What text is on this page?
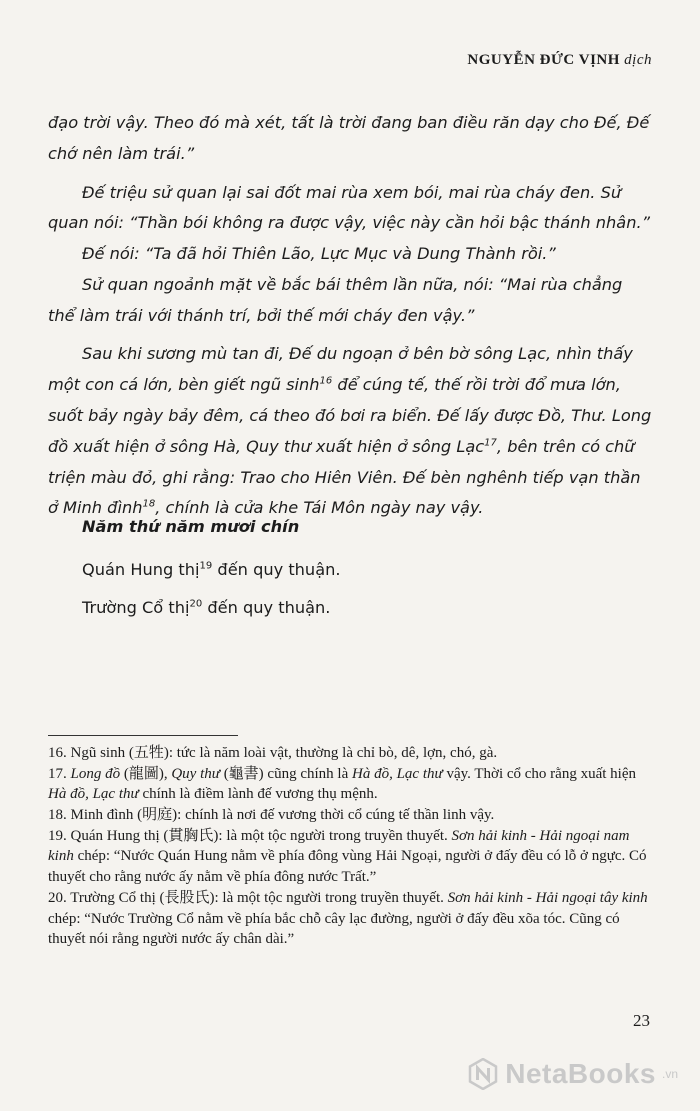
NGUYỄN ĐỨC VỊNH dịch

đạo trời vậy. Theo đó mà xét, tất là trời đang ban điều răn dạy cho Đế, Đế chớ nên làm trái.”

Đế triệu sử quan lại sai đốt mai rùa xem bói, mai rùa cháy đen. Sử quan nói: “Thần bói không ra được vậy, việc này cần hỏi bậc thánh nhân.”

Đế nói: “Ta đã hỏi Thiên Lão, Lực Mục và Dung Thành rồi.”

Sử quan ngoảnh mặt về bắc bái thêm lần nữa, nói: “Mai rùa chẳng thể làm trái với thánh trí, bởi thế mới cháy đen vậy.”

Sau khi sương mù tan đi, Đế du ngoạn ở bên bờ sông Lạc, nhìn thấy một con cá lớn, bèn giết ngũ $\sinh^{16}$ để cúng tế, thế rồi trời đổ mưa lớn, suốt bảy ngày bảy đêm, cá theo đó bơi ra biển. Đế lấy được Đồ, Thư. Long đồ xuất hiện ở sông Hà, Quy thư xuất hiện ở sông Lạc$^{17}$, bên trên có chữ triện màu đỏ, ghi rằng: Trao cho Hiên Viên. Đế bèn nghênh tiếp vạn thần ở Minh đình$^{18}$, chính là cửa khe Tái Môn ngày nay vậy.

Năm thứ năm mươi chín

Quán Hung thị$^{19}$ đến quy thuận.

Trường Cổ thị$^{20}$ đến quy thuận.

16. Ngũ sinh (五牲): tức là năm loài vật, thường là chỉ bò, dê, lợn, chó, gà.

17. Long đồ (龍圖), Quy thư (龜書) cũng chính là Hà đồ, Lạc thư vậy. Thời cổ cho rằng xuất hiện Hà đồ, Lạc thư chính là điềm lành đế vương thụ mệnh.

18. Minh đình (明庭): chính là nơi đế vương thời cổ cúng tế thần linh vậy.

19. Quán Hung thị (貫胸氏): là một tộc người trong truyền thuyết. Sơn hải kinh - Hải ngoại nam kinh chép: “Nước Quán Hung nằm về phía đông vùng Hải Ngoại, người ở đấy đều có lỗ ở ngực. Có thuyết cho rằng nước ấy nằm về phía đông nước Trất.”

20. Trường Cổ thị (長股氏): là một tộc người trong truyền thuyết. Sơn hải kinh - Hải ngoại tây kinh chép: “Nước Trường Cổ nằm về phía bắc chỗ cây lạc đường, người ở đấy đều xõa tóc. Cũng có thuyết nói rằng người nước ấy chân dài.”

23
NetaBooks .vn
